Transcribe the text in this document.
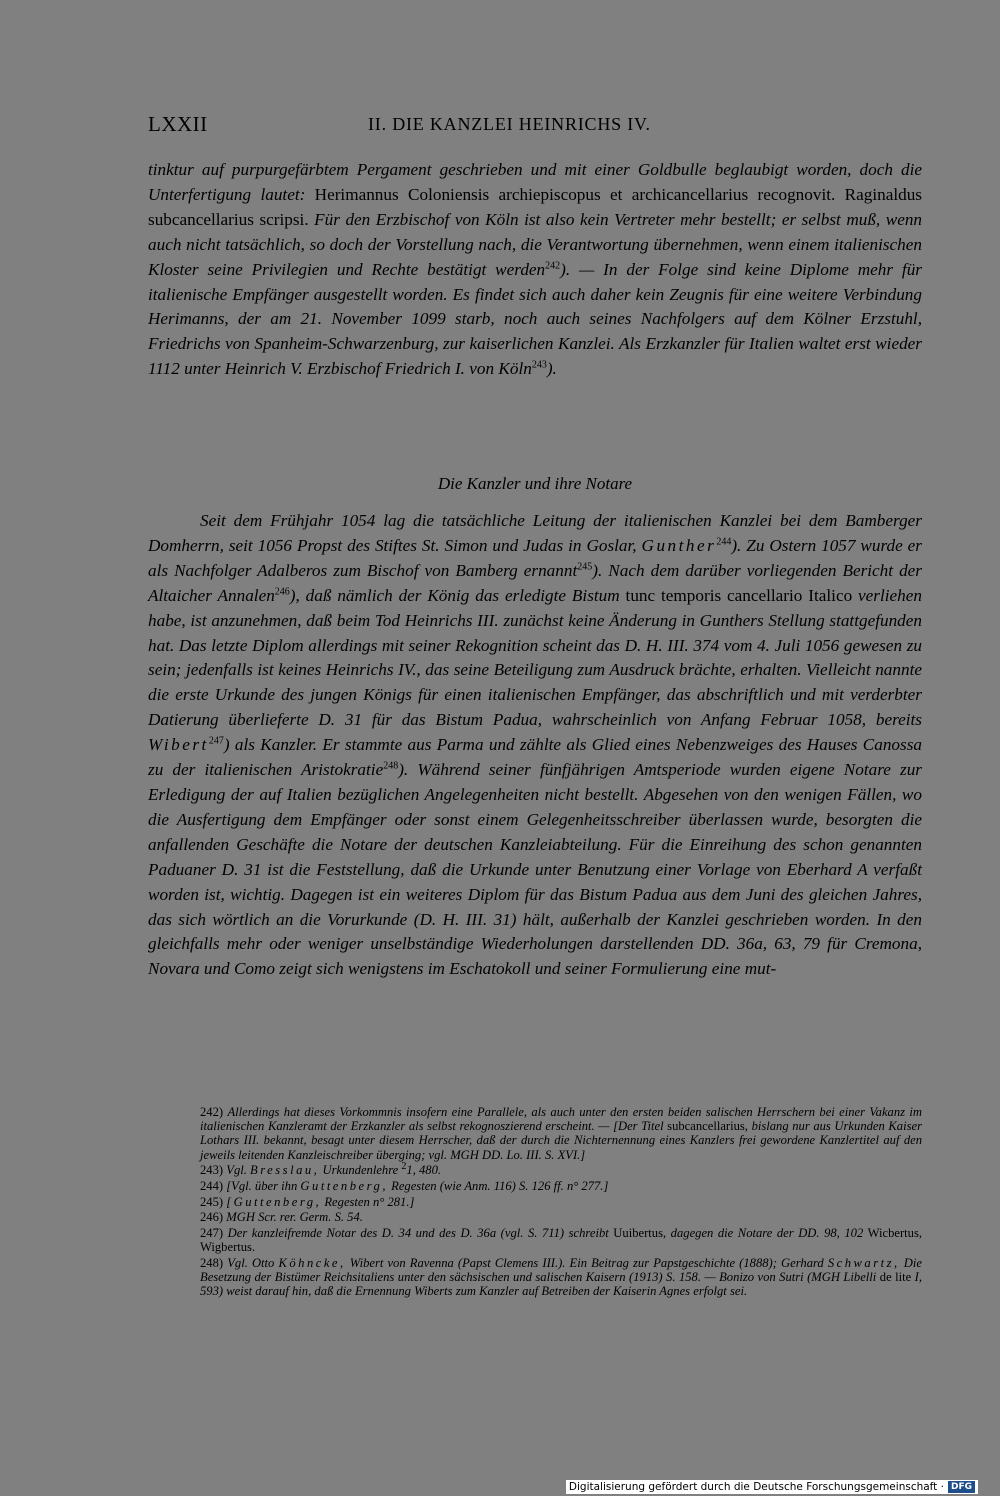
LXXII	II. DIE KANZLEI HEINRICHS IV.

tinktur auf purpurgefärbtem Pergament geschrieben und mit einer Goldbulle beglaubigt worden, doch die Unterfertigung lautet: Herimannus Coloniensis archiepiscopus et archicancellarius recognovit. Raginaldus subcancellarius scripsi. Für den Erzbischof von Köln ist also kein Vertreter mehr bestellt; er selbst muß, wenn auch nicht tatsächlich, so doch der Vorstellung nach, die Verantwortung übernehmen, wenn einem italienischen Kloster seine Privilegien und Rechte bestätigt werden$^{242}$). — In der Folge sind keine Diplome mehr für italienische Empfänger ausgestellt worden. Es findet sich auch daher kein Zeugnis für eine weitere Verbindung Herimanns, der am 21. November 1099 starb, noch auch seines Nachfolgers auf dem Kölner Erzstuhl, Friedrichs von Spanheim-Schwarzenburg, zur kaiserlichen Kanzlei. Als Erzkanzler für Italien waltet erst wieder 1112 unter Heinrich V. Erzbischof Friedrich I. von Köln$^{243}$).

Die Kanzler und ihre Notare

Seit dem Frühjahr 1054 lag die tatsächliche Leitung der italienischen Kanzlei bei dem Bamberger Domherrn, seit 1056 Propst des Stiftes St. Simon und Judas in Goslar, Gunther$^{244}$). Zu Ostern 1057 wurde er als Nachfolger Adalberos zum Bischof von Bamberg ernannt$^{245}$). Nach dem darüber vorliegenden Bericht der Altaicher Annalen$^{246}$), daß nämlich der König das erledigte Bistum tunc temporis cancellario Italico verliehen habe, ist anzunehmen, daß beim Tod Heinrichs III. zunächst keine Änderung in Gunthers Stellung stattgefunden hat. Das letzte Diplom allerdings mit seiner Rekognition scheint das D. H. III. 374 vom 4. Juli 1056 gewesen zu sein; jedenfalls ist keines Heinrichs IV., das seine Beteiligung zum Ausdruck brächte, erhalten. Vielleicht nannte die erste Urkunde des jungen Königs für einen italienischen Empfänger, das abschriftlich und mit verderbter Datierung überlieferte D. 31 für das Bistum Padua, wahrscheinlich von Anfang Februar 1058, bereits Wibert$^{247}$) als Kanzler. Er stammte aus Parma und zählte als Glied eines Nebenzweiges des Hauses Canossa zu der italienischen Aristokratie$^{248}$). Während seiner fünfjährigen Amtsperiode wurden eigene Notare zur Erledigung der auf Italien bezüglichen Angelegenheiten nicht bestellt. Abgesehen von den wenigen Fällen, wo die Ausfertigung dem Empfänger oder sonst einem Gelegenheitsschreiber überlassen wurde, besorgten die anfallenden Geschäfte die Notare der deutschen Kanzleiabteilung. Für die Einreihung des schon genannten Paduaner D. 31 ist die Feststellung, daß die Urkunde unter Benutzung einer Vorlage von Eberhard A verfaßt worden ist, wichtig. Dagegen ist ein weiteres Diplom für das Bistum Padua aus dem Juni des gleichen Jahres, das sich wörtlich an die Vorurkunde (D. H. III. 31) hält, außerhalb der Kanzlei geschrieben worden. In den gleichfalls mehr oder weniger unselbständige Wiederholungen darstellenden DD. 36a, 63, 79 für Cremona, Novara und Como zeigt sich wenigstens im Eschatokoll und seiner Formulierung eine mut-

242) Allerdings hat dieses Vorkommnis insofern eine Parallele, als auch unter den ersten beiden salischen Herrschern bei einer Vakanz im italienischen Kanzleramt der Erzkanzler als selbst rekognoszierend erscheint. — [Der Titel subcancellarius, bislang nur aus Urkunden Kaiser Lothars III. bekannt, besagt unter diesem Herrscher, daß der durch die Nichternennung eines Kanzlers frei gewordene Kanzlertitel auf den jeweils leitenden Kanzleischreiber überging; vgl. MGH DD. Lo. III. S. XVI.]

243) Vgl. Bresslau, Urkundenlehre $^2$1, 480.

244) [Vgl. über ihn Guttenberg, Regesten (wie Anm. 116) S. 126 ff. n° 277.]

245) [Guttenberg, Regesten n° 281.]

246) MGH Scr. rer. Germ. S. 54.

247) Der kanzleifremde Notar des D. 34 und des D. 36a (vgl. S. 711) schreibt Uuibertus, dagegen die Notare der DD. 98, 102 Wicbertus, Wigbertus.

248) Vgl. Otto Köhncke, Wibert von Ravenna (Papst Clemens III.). Ein Beitrag zur Papstgeschichte (1888); Gerhard Schwartz, Die Besetzung der Bistümer Reichsitaliens unter den sächsischen und salischen Kaisern (1913) S. 158. — Bonizo von Sutri (MGH Libelli de lite I, 593) weist darauf hin, daß die Ernennung Wiberts zum Kanzler auf Betreiben der Kaiserin Agnes erfolgt sei.

Digitalisierung gefördert durch die Deutsche Forschungsgemeinschaft · DFG
